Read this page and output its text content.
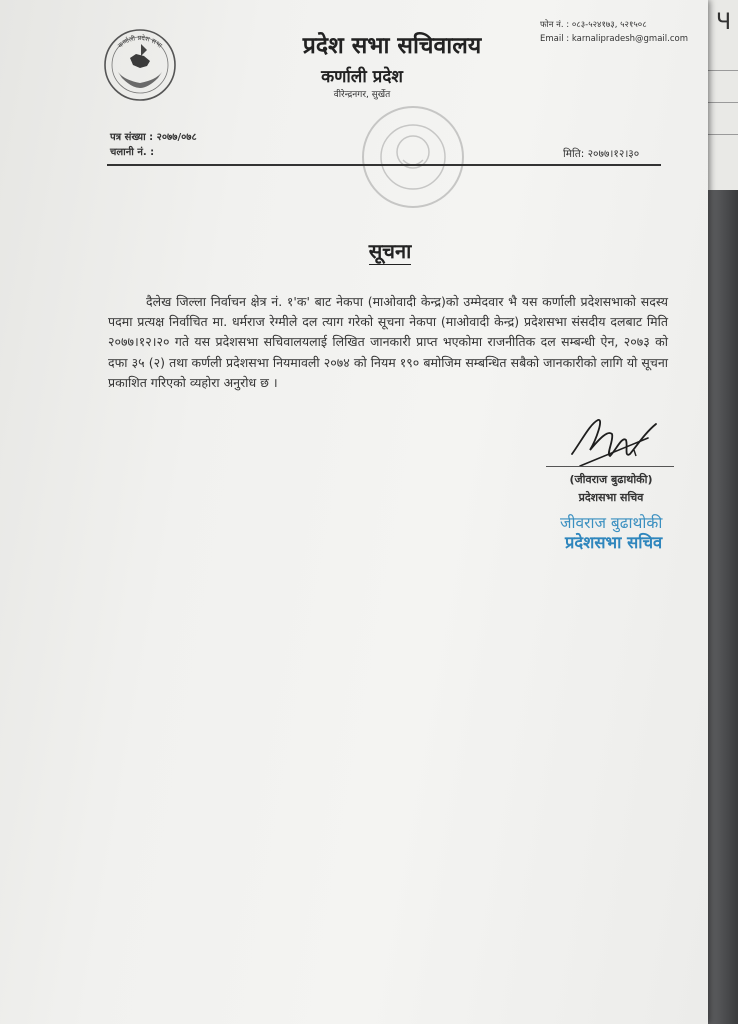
Ч
कर्णाली प्रदेश सभा
फोन नं. : ०८३-५२४१७३, ५२१५०८
Email : karnalipradesh@gmail.com
प्रदेश सभा सचिवालय
कर्णाली प्रदेश
वीरेन्द्रनगर, सुर्खेत
पत्र संख्या : २०७७/०७८
चलानी नं. :	मिति: २०७७।१२।३०
सूचना
दैलेख जिल्ला निर्वाचन क्षेत्र नं. १'क' बाट नेकपा (माओवादी केन्द्र)को उम्मेदवार भै यस कर्णाली प्रदेशसभाको सदस्य पदमा प्रत्यक्ष निर्वाचित मा. धर्मराज रेग्मीले दल त्याग गरेको सूचना नेकपा (माओवादी केन्द्र) प्रदेशसभा संसदीय दलबाट मिति २०७७।१२।२० गते यस प्रदेशसभा सचिवालयलाई लिखित जानकारी प्राप्त भएकोमा राजनीतिक दल सम्बन्धी ऐन, २०७३ को दफा ३५ (२) तथा कर्णली प्रदेशसभा नियमावली २०७४ को नियम १९० बमोजिम सम्बन्धित सबैको जानकारीको लागि यो सूचना प्रकाशित गरिएको व्यहोरा अनुरोध छ ।
(जीवराज बुढाथोकी)
प्रदेशसभा सचिव
जीवराज बुढाथोकी
प्रदेशसभा सचिव
